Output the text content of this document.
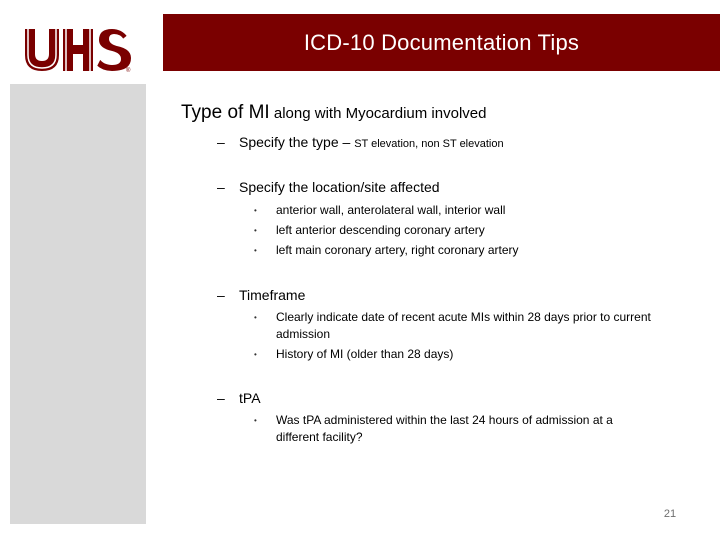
®
ICD-10 Documentation Tips
Type of MI along with Myocardium involved
– Specify the type – ST elevation, non ST elevation
– Specify the location/site affected
• anterior wall, anterolateral wall, interior wall
• left anterior descending coronary artery
• left main coronary artery, right coronary artery
– Timeframe
• Clearly indicate date of recent acute MIs within 28 days prior to current admission
• History of MI (older than 28 days)
– tPA
• Was tPA administered within the last 24 hours of admission at a different facility?
21
